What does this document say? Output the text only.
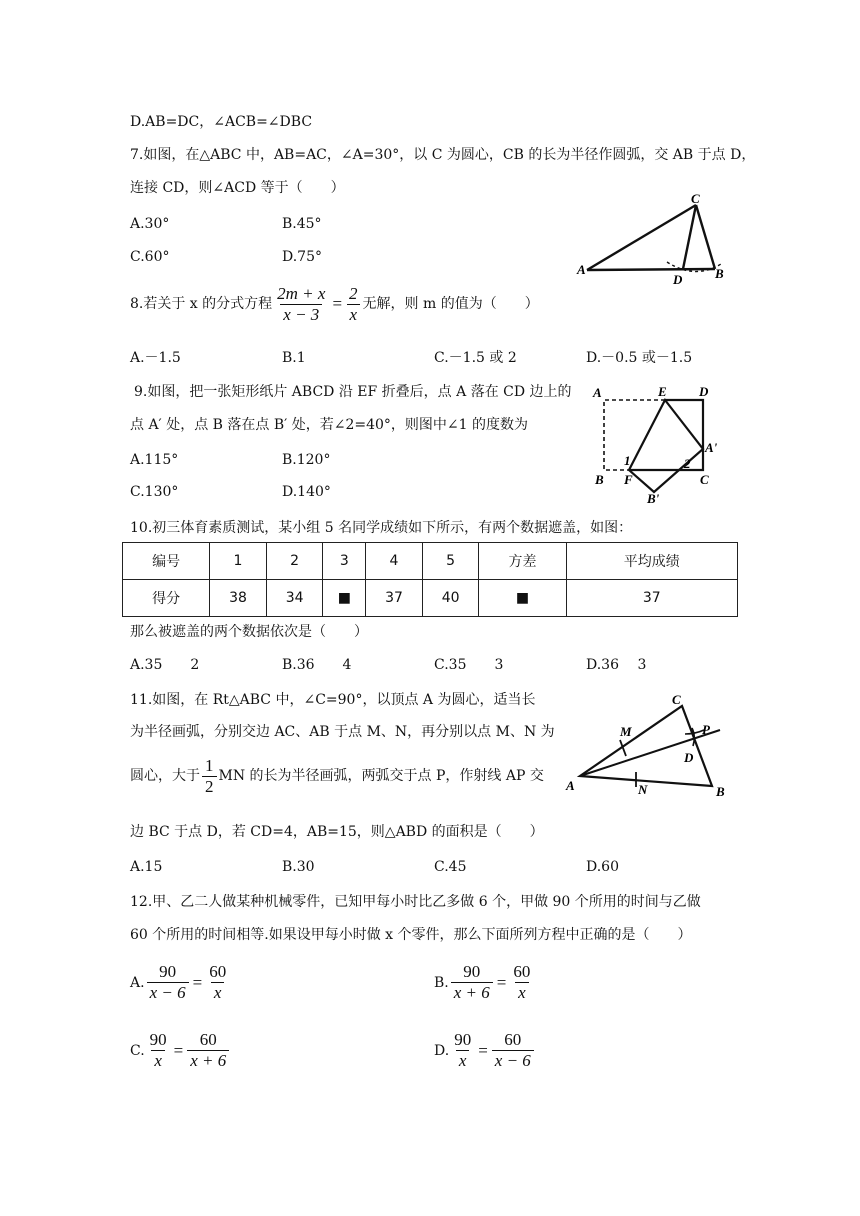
D.AB=DC，∠ACB=∠DBC
7.如图，在△ABC 中，AB=AC，∠A=30°，以 C 为圆心，CB 的长为半径作圆弧，交 AB 于点 D，
连接 CD，则∠ACD 等于（　　）
A.30°	B.45°
C.60°	D.75°
C
A
D	B
8.若关于 x 的分式方程 $\frac{2m + x}{x - 3} = \frac{2}{x}$ 无解，则 m 的值为（　　）
A.－1.5	B.1	C.－1.5 或 2	D.－0.5 或－1.5
9.如图，把一张矩形纸片 ABCD 沿 EF 折叠后，点 A 落在 CD 边上的
点 A′ 处，点 B 落在点 B′ 处，若∠2=40°，则图中∠1 的度数为
A.115°	B.120°
C.130°	D.140°
A	E D
A'
B F	C
B'
1	2
10.初三体育素质测试，某小组 5 名同学成绩如下所示，有两个数据遮盖，如图：
编号	1	2	3	4	5	方差	平均成绩
得分	38	34	■	37	40	■	37
那么被遮盖的两个数据依次是（　　）
A.35　　2	B.36　　4	C.35　　3	D.36　 3
11.如图，在 Rt△ABC 中，∠C=90°，以顶点 A 为圆心，适当长
为半径画弧，分别交边 AC、AB 于点 M、N，再分别以点 M、N 为
圆心，大于 $\frac{1}{2}$ MN 的长为半径画弧，两弧交于点 P，作射线 AP 交
边 BC 于点 D，若 CD=4，AB=15，则△ABD 的面积是（　　）
A.15	B.30	C.45	D.60
C
M	P
D
A	N	B
12.甲、乙二人做某种机械零件，已知甲每小时比乙多做 6 个，甲做 90 个所用的时间与乙做
60 个所用的时间相等.如果设甲每小时做 x 个零件，那么下面所列方程中正确的是（　　）
A. $\frac{90}{x - 6} = \frac{60}{x}$	B. $\frac{90}{x + 6} = \frac{60}{x}$
C. $\frac{90}{x} = \frac{60}{x + 6}$	D. $\frac{90}{x} = \frac{60}{x - 6}$
